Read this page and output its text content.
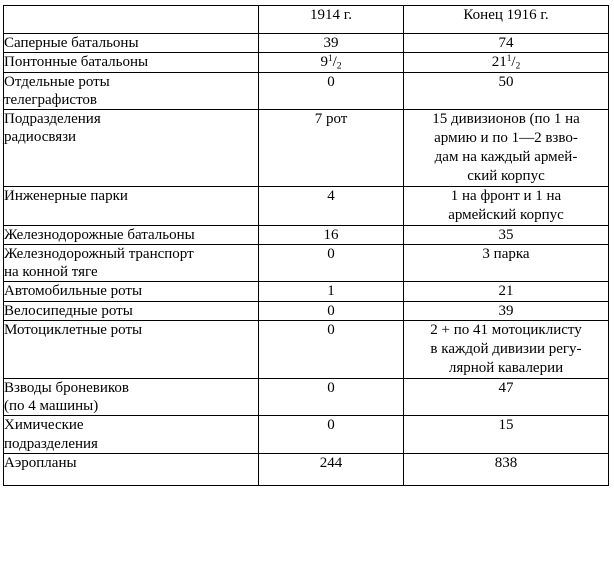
	1914 г.	Конец 1916 г.
Саперные батальоны	39	74
Понтонные батальоны	$9^1/_2$	$21^1/_2$

Отдельные роты
телеграфистов	0	50

Подразделения
радиосвязи	7 рот	15 дивизионов (по 1 на
армию и по 1—2 взво-
дам на каждый армей-
ский корпус

Инженерные парки	4	1 на фронт и 1 на
армейский корпус

Железнодорожные батальоны	16	35

Железнодорожный транспорт
на конной тяге	0	3 парка
Автомобильные роты	1	21
Велосипедные роты	0	39
Мотоциклетные роты	0	2 + по 41 мотоциклисту
в каждой дивизии регу-
лярной кавалерии

Взводы броневиков
(по 4 машины)	0	47

Химические
подразделения	0	15
Аэропланы	244	838
